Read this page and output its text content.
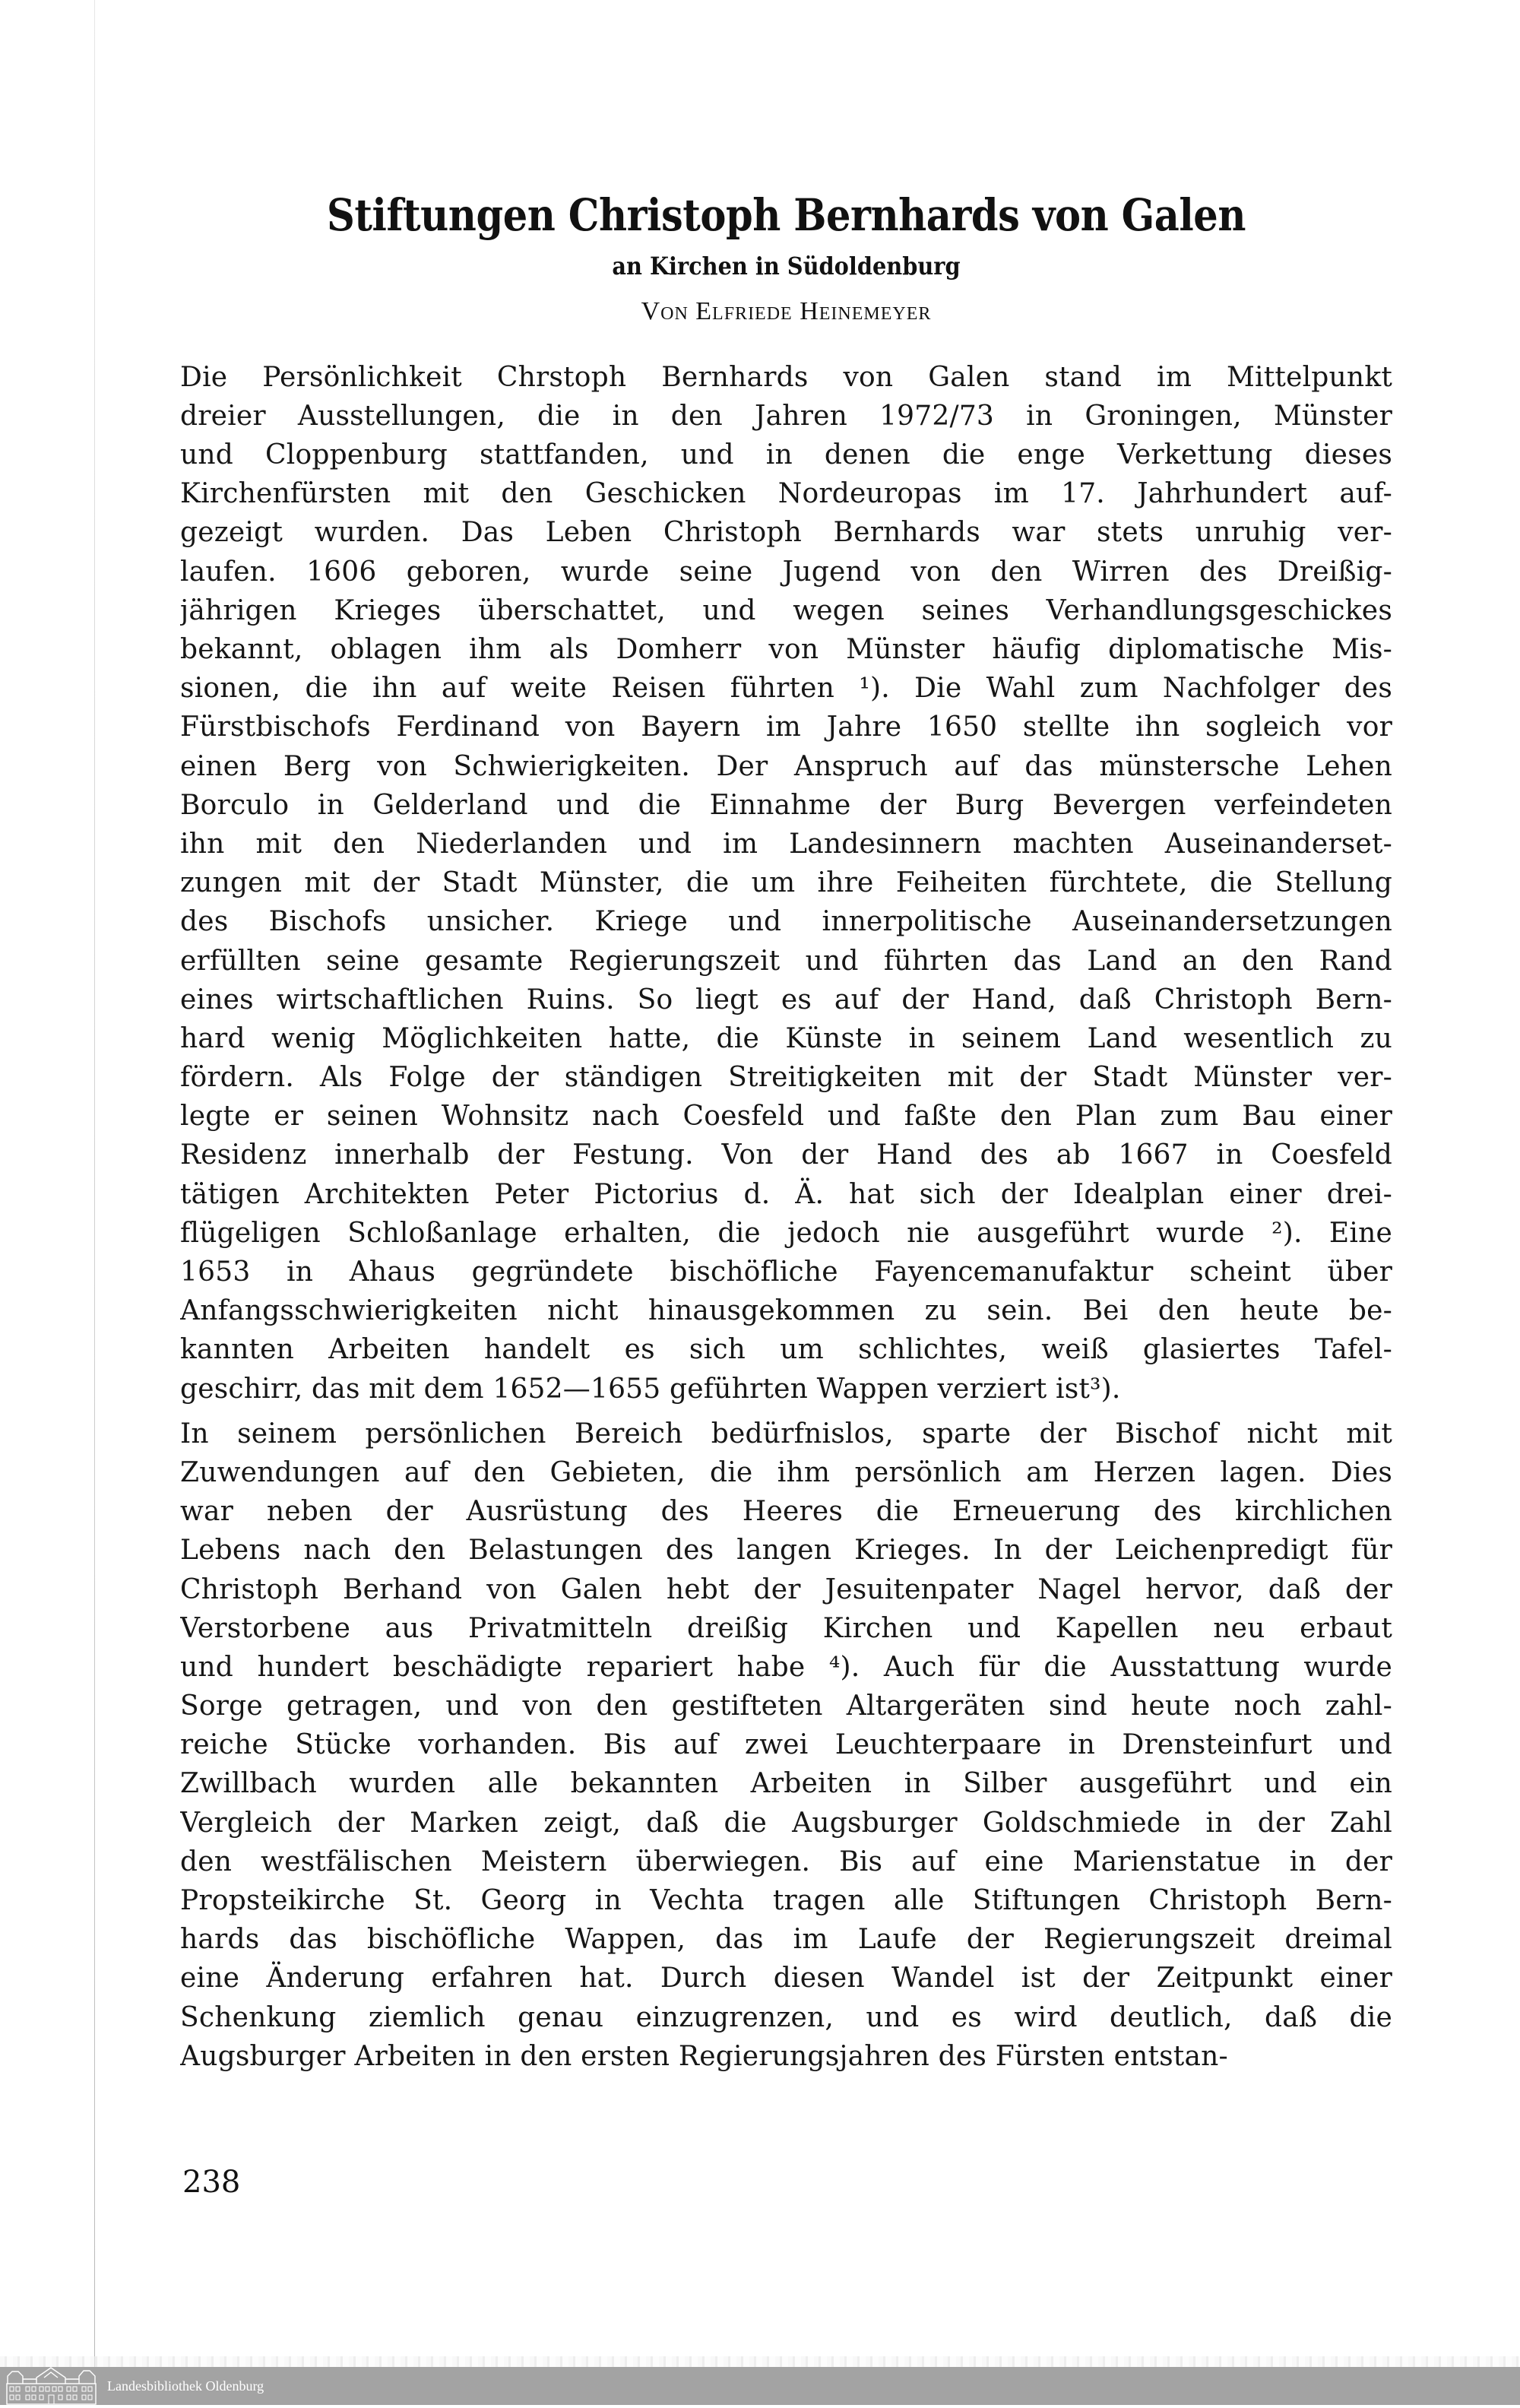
Stiftungen Christoph Bernhards von Galen
an Kirchen in Südoldenburg
Von Elfriede Heinemeyer

Die Persönlichkeit Chrstoph Bernhards von Galen stand im Mittelpunkt
dreier Ausstellungen, die in den Jahren 1972/73 in Groningen, Münster
und Cloppenburg stattfanden, und in denen die enge Verkettung dieses
Kirchenfürsten mit den Geschicken Nordeuropas im 17. Jahrhundert auf-
gezeigt wurden. Das Leben Christoph Bernhards war stets unruhig ver-
laufen. 1606 geboren, wurde seine Jugend von den Wirren des Dreißig-
jährigen Krieges überschattet, und wegen seines Verhandlungsgeschickes
bekannt, oblagen ihm als Domherr von Münster häufig diplomatische Mis-
sionen, die ihn auf weite Reisen führten ¹). Die Wahl zum Nachfolger des
Fürstbischofs Ferdinand von Bayern im Jahre 1650 stellte ihn sogleich vor
einen Berg von Schwierigkeiten. Der Anspruch auf das münstersche Lehen
Borculo in Gelderland und die Einnahme der Burg Bevergen verfeindeten
ihn mit den Niederlanden und im Landesinnern machten Auseinanderset-
zungen mit der Stadt Münster, die um ihre Feiheiten fürchtete, die Stellung
des Bischofs unsicher. Kriege und innerpolitische Auseinandersetzungen
erfüllten seine gesamte Regierungszeit und führten das Land an den Rand
eines wirtschaftlichen Ruins. So liegt es auf der Hand, daß Christoph Bern-
hard wenig Möglichkeiten hatte, die Künste in seinem Land wesentlich zu
fördern. Als Folge der ständigen Streitigkeiten mit der Stadt Münster ver-
legte er seinen Wohnsitz nach Coesfeld und faßte den Plan zum Bau einer
Residenz innerhalb der Festung. Von der Hand des ab 1667 in Coesfeld
tätigen Architekten Peter Pictorius d. Ä. hat sich der Idealplan einer drei-
flügeligen Schloßanlage erhalten, die jedoch nie ausgeführt wurde ²). Eine
1653 in Ahaus gegründete bischöfliche Fayencemanufaktur scheint über
Anfangsschwierigkeiten nicht hinausgekommen zu sein. Bei den heute be-
kannten Arbeiten handelt es sich um schlichtes, weiß glasiertes Tafel-
geschirr, das mit dem 1652—1655 geführten Wappen verziert ist³).

In seinem persönlichen Bereich bedürfnislos, sparte der Bischof nicht mit
Zuwendungen auf den Gebieten, die ihm persönlich am Herzen lagen. Dies
war neben der Ausrüstung des Heeres die Erneuerung des kirchlichen
Lebens nach den Belastungen des langen Krieges. In der Leichenpredigt für
Christoph Berhand von Galen hebt der Jesuitenpater Nagel hervor, daß der
Verstorbene aus Privatmitteln dreißig Kirchen und Kapellen neu erbaut
und hundert beschädigte repariert habe ⁴). Auch für die Ausstattung wurde
Sorge getragen, und von den gestifteten Altargeräten sind heute noch zahl-
reiche Stücke vorhanden. Bis auf zwei Leuchterpaare in Drensteinfurt und
Zwillbach wurden alle bekannten Arbeiten in Silber ausgeführt und ein
Vergleich der Marken zeigt, daß die Augsburger Goldschmiede in der Zahl
den westfälischen Meistern überwiegen. Bis auf eine Marienstatue in der
Propsteikirche St. Georg in Vechta tragen alle Stiftungen Christoph Bern-
hards das bischöfliche Wappen, das im Laufe der Regierungszeit dreimal
eine Änderung erfahren hat. Durch diesen Wandel ist der Zeitpunkt einer
Schenkung ziemlich genau einzugrenzen, und es wird deutlich, daß die
Augsburger Arbeiten in den ersten Regierungsjahren des Fürsten entstan-

238
Landesbibliothek Oldenburg
